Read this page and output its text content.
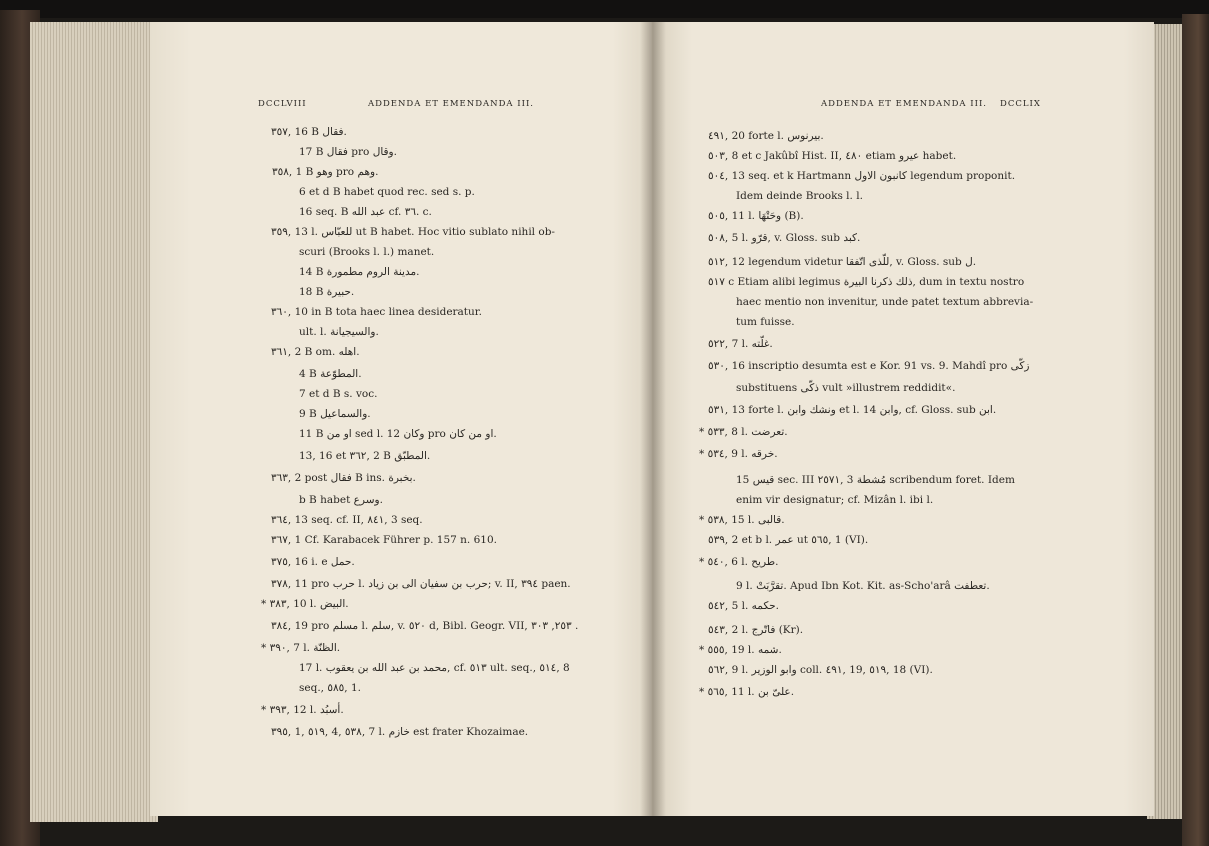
DCCLVIII	ADDENDA ET EMENDANDA III.	ADDENDA ET EMENDANDA III. DCCLIX
٣٥٧, 16 B فقال.
17 B فقال pro وقال.
٣٥٨, 1 B وهو pro وهم.
6 et d B habet quod rec. sed s. p.
16 seq. B عبد الله cf. ٣٦. c.
٣٥٩, 13 l. للعبّاس ut B habet. Hoc vitio sublato nihil ob-
scuri (Brooks l. l.) manet.
14 B مدينة الروم مطمورة.
18 B حبيرة.
٣٦٠, 10 in B tota haec linea desideratur.
ult. l. والسيجيانة.
٣٦١, 2 B om. اهله.
4 B المطوّعة.
7 et d B s. voc.
9 B والسماعيل.
11 B او من sed l. 12 وكان pro او من كان.
13, 16 et ٣٦٢, 2 B المطبّق.
٣٦٣, 2 post فقال B ins. بخبرة.
b B habet وسرع.
٣٦٤, 13 seq. cf. II, ٨٤١, 3 seq.
٣٦٧, 1 Cf. Karabacek Führer p. 157 n. 610.
٣٧٥, 16 i. e حمل.
٣٧٨, 11 pro حرب l. حرب بن سفيان الى بن زياد; v. II, ٣٩٤ paen.
* ٣٨٣, 10 l. البيض.
٣٨٤, 19 pro مسلم l. سلم, v. ٥٢٠ d, Bibl. Geogr. VII, ٢٥٣, ٣٠٣ .
* ٣٩٠, 7 l. الظنّة.
17 l. محمد بن عبد الله بن يعقوب, cf. ٥١٣ ult. seq., ٥١٤, 8
seq., ٥٨٥, 1.
* ٣٩٣, 12 l. أسبُد.
٣٩٥, 1, ٥١٩, 4, ٥٣٨, 7 l. خازم est frater Khozaimae.
٤٩١, 20 forte l. بيرنوس.
٥٠٣, 8 et c Jakûbî Hist. II, ٤٨٠ etiam عيرو habet.
٥٠٤, 13 seq. et k Hartmann كانبون الاول legendum proponit.
Idem deinde Brooks l. l.
٥٠٥, 11 l. وحَتْهَا (B).
٥٠٨, 5 l. قرّو, v. Gloss. sub كبد.
٥١٢, 12 legendum videtur للّذى اتّفقا, v. Gloss. sub ل.
٥١٧ c Etiam alibi legimus ذلك ذكرنا البيرة, dum in textu nostro
haec mentio non invenitur, unde patet textum abbrevia-
tum fuisse.
٥٢٢, 7 l. غلّته.
٥٣٠, 16 inscriptio desumta est e Kor. 91 vs. 9. Mahdî pro زكّى
substituens ذكّى vult »illustrem reddidit«.
٥٣١, 13 forte l. ونشك وابن et l. 14 وابن, cf. Gloss. sub ابن.
* ٥٣٣, 8 l. تعرضت.
* ٥٣٤, 9 l. خرقه.
15 قيس sec. III ٢٥٧١, 3 مُشطة scribendum foret. Idem
enim vir designatur; cf. Mizân l. ibi l.
* ٥٣٨, 15 l. قالبى.
٥٣٩, 2 et b l. عمر ut ٥٦٥, 1 (VI).
* ٥٤٠, 6 l. طريح.
9 l. تقرَّبَتْ. Apud Ibn Kot. Kit. as-Scho'arâ تعطفت.
٥٤٢, 5 l. حكمه.
٥٤٣, 2 l. فاتّرج (Kr).
* ٥٥٥, 19 l. شمه.
٥٦٢, 9 l. وابو الوزير coll. ٤٩١, 19, ٥١٩, 18 (VI).
* ٥٦٥, 11 l. علىّ بن.
